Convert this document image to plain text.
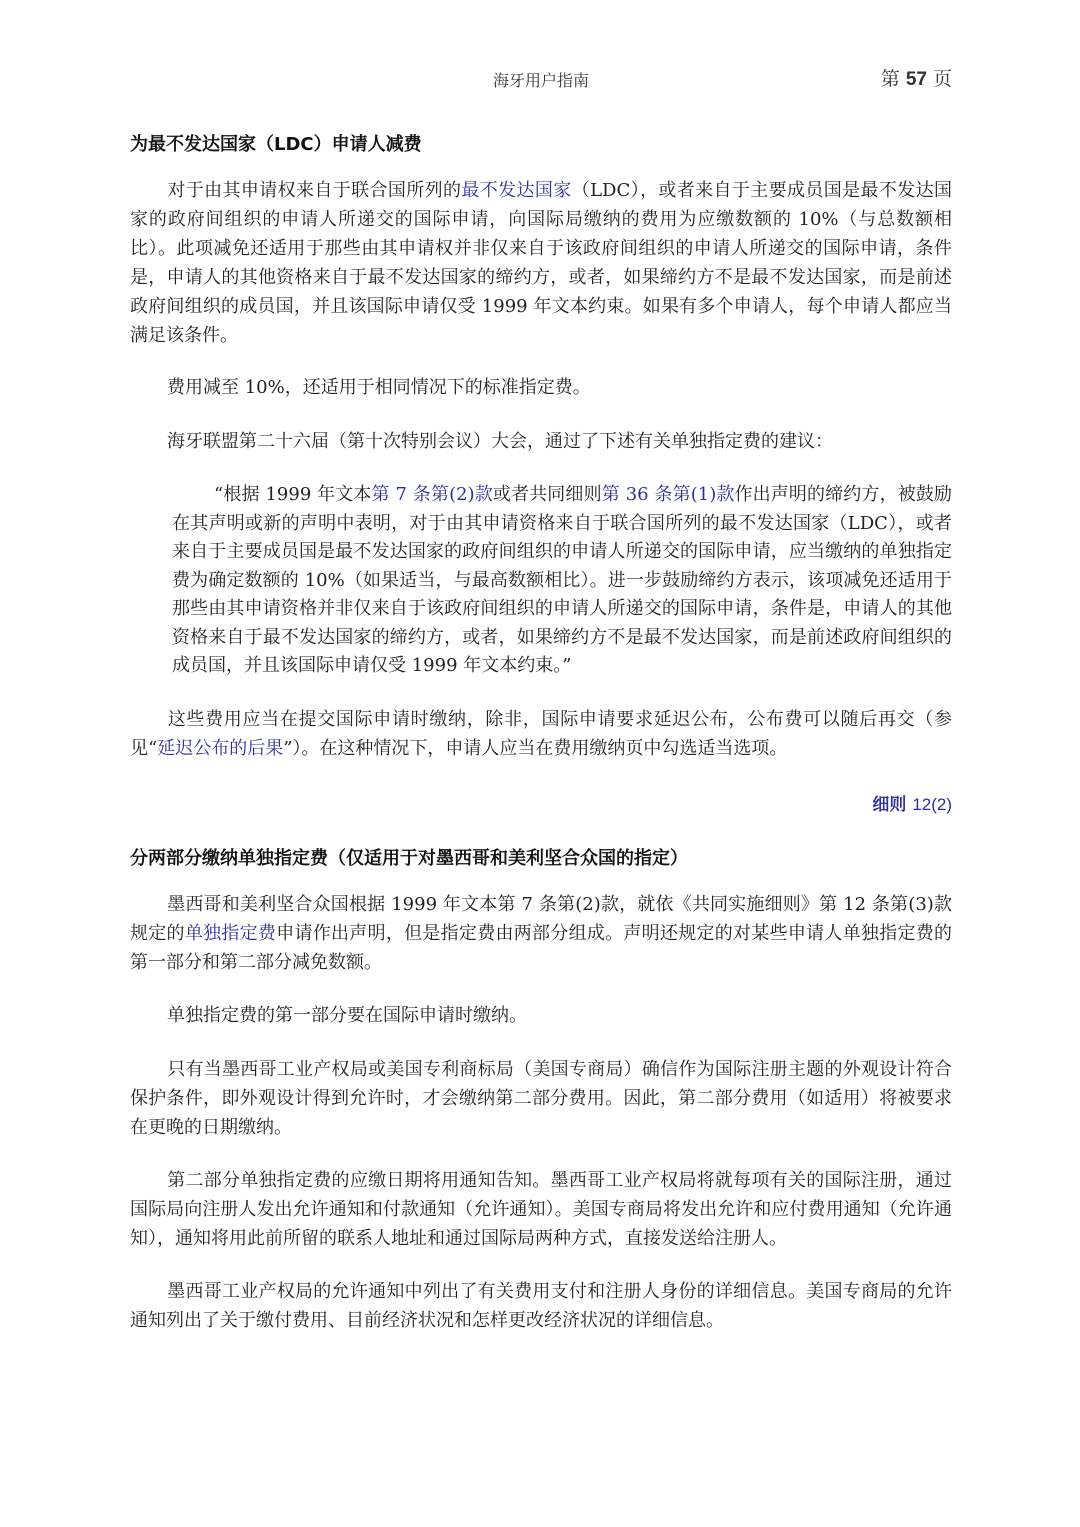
海牙用户指南	第 57 页
为最不发达国家（LDC）申请人减费
对于由其申请权来自于联合国所列的最不发达国家（LDC），或者来自于主要成员国是最不发达国家的政府间组织的申请人所递交的国际申请，向国际局缴纳的费用为应缴数额的 10%（与总数额相比）。此项减免还适用于那些由其申请权并非仅来自于该政府间组织的申请人所递交的国际申请，条件是，申请人的其他资格来自于最不发达国家的缔约方，或者，如果缔约方不是最不发达国家，而是前述政府间组织的成员国，并且该国际申请仅受 1999 年文本约束。如果有多个申请人，每个申请人都应当满足该条件。
费用减至 10%，还适用于相同情况下的标准指定费。
海牙联盟第二十六届（第十次特别会议）大会，通过了下述有关单独指定费的建议：
“根据 1999 年文本第 7 条第(2)款或者共同细则第 36 条第(1)款作出声明的缔约方，被鼓励在其声明或新的声明中表明，对于由其申请资格来自于联合国所列的最不发达国家（LDC），或者来自于主要成员国是最不发达国家的政府间组织的申请人所递交的国际申请，应当缴纳的单独指定费为确定数额的 10%（如果适当，与最高数额相比）。进一步鼓励缔约方表示，该项减免还适用于那些由其申请资格并非仅来自于该政府间组织的申请人所递交的国际申请，条件是，申请人的其他资格来自于最不发达国家的缔约方，或者，如果缔约方不是最不发达国家，而是前述政府间组织的成员国，并且该国际申请仅受 1999 年文本约束。”
这些费用应当在提交国际申请时缴纳，除非，国际申请要求延迟公布，公布费可以随后再交（参见“延迟公布的后果”）。在这种情况下，申请人应当在费用缴纳页中勾选适当选项。
细则 12(2)
分两部分缴纳单独指定费（仅适用于对墨西哥和美利坚合众国的指定）
墨西哥和美利坚合众国根据 1999 年文本第 7 条第(2)款，就依《共同实施细则》第 12 条第(3)款规定的单独指定费申请作出声明，但是指定费由两部分组成。声明还规定的对某些申请人单独指定费的第一部分和第二部分减免数额。
单独指定费的第一部分要在国际申请时缴纳。
只有当墨西哥工业产权局或美国专利商标局（美国专商局）确信作为国际注册主题的外观设计符合保护条件，即外观设计得到允许时，才会缴纳第二部分费用。因此，第二部分费用（如适用）将被要求在更晚的日期缴纳。
第二部分单独指定费的应缴日期将用通知告知。墨西哥工业产权局将就每项有关的国际注册，通过国际局向注册人发出允许通知和付款通知（允许通知）。美国专商局将发出允许和应付费用通知（允许通知），通知将用此前所留的联系人地址和通过国际局两种方式，直接发送给注册人。
墨西哥工业产权局的允许通知中列出了有关费用支付和注册人身份的详细信息。美国专商局的允许通知列出了关于缴付费用、目前经济状况和怎样更改经济状况的详细信息。
